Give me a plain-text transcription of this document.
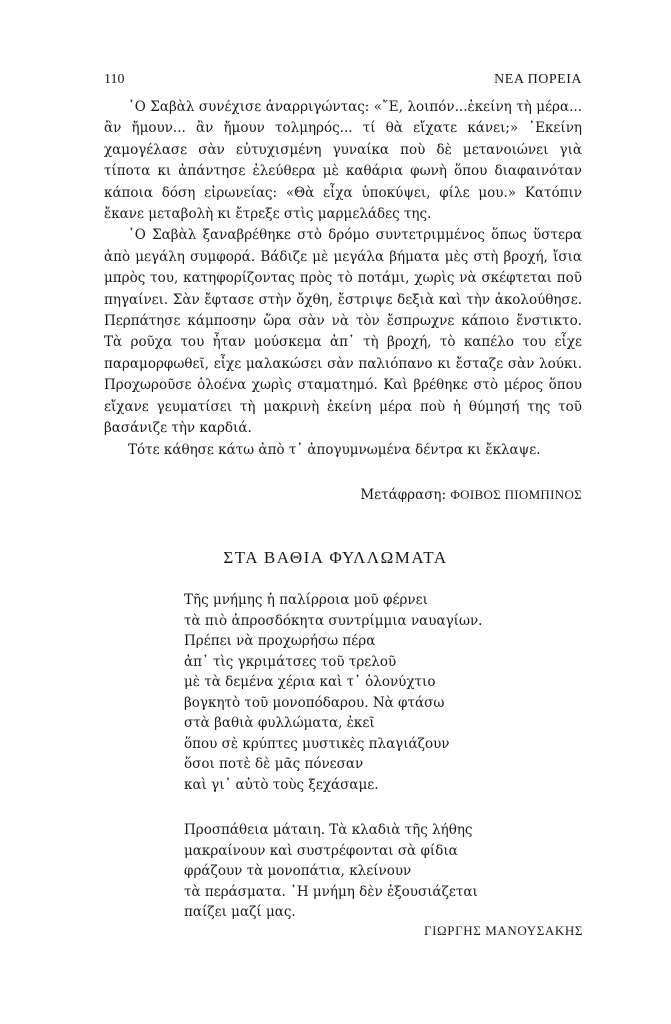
110	ΝΕΑ ΠΟΡΕΙΑ

῾Ο Σαβὰλ συνέχισε ἀναρριγώντας: «῎Ε, λοιπόν...ἐκείνη τὴ μέρα... ἂν ἤμουν... ἂν ἤμουν τολμηρός... τί θὰ εἴχατε κάνει;» ᾿Εκείνη χαμογέλασε σὰν εὐτυχισμένη γυναίκα ποὺ δὲ μετανοιώνει γιὰ τίποτα κι ἀπάντησε ἐλεύθερα μὲ καθάρια φωνὴ ὅπου διαφαινόταν κάποια δόση εἰρωνείας: «Θὰ εἶχα ὑποκύψει, φίλε μου.» Κατόπιν ἔκανε μεταβολὴ κι ἔτρεξε στὶς μαρμελάδες της.

῾Ο Σαβὰλ ξαναβρέθηκε στὸ δρόμο συντετριμμένος ὅπως ὕστερα ἀπὸ μεγάλη συμφορά. Βάδιζε μὲ μεγάλα βήματα μὲς στὴ βροχή, ἴσια μπρὸς του, κατηφορίζοντας πρὸς τὸ ποτάμι, χωρὶς νὰ σκέφτεται ποῦ πηγαίνει. Σὰν ἔφτασε στὴν ὄχθη, ἔστριψε δεξιὰ καὶ τὴν ἀκολούθησε. Περπάτησε κάμποσην ὥρα σὰν νὰ τὸν ἔσπρωχνε κάποιο ἔνστικτο. Τὰ ροῦχα του ἦταν μούσκεμα ἀπ᾿ τὴ βροχή, τὸ καπέλο του εἶχε παραμορφωθεῖ, εἶχε μαλακώσει σὰν παλιόπανο κι ἔσταζε σὰν λούκι. Προχωροῦσε ὁλοένα χωρὶς σταματημό. Καὶ βρέθηκε στὸ μέρος ὅπου εἴχανε γευματίσει τὴ μακρινὴ ἐκείνη μέρα ποὺ ἡ θύμησή της τοῦ βασάνιζε τὴν καρδιά.

Τότε κάθησε κάτω ἀπὸ τ᾿ ἀπογυμνωμένα δέντρα κι ἔκλαψε.

Μετάφραση: ΦΟΙΒΟΣ ΠΙΟΜΠΙΝΟΣ
ΣΤΑ ΒΑΘΙΑ ΦΥΛΛΩΜΑΤΑ
Τῆς μνήμης ἡ παλίρροια μοῦ φέρνει
τὰ πιὸ ἀπροσδόκητα συντρίμμια ναυαγίων.
Πρέπει νὰ προχωρήσω πέρα
ἀπ᾿ τὶς γκριμάτσες τοῦ τρελοῦ
μὲ τὰ δεμένα χέρια καὶ τ᾿ ὀλονύχτιο
βογκητὸ τοῦ μονοπόδαρου. Νὰ φτάσω
στὰ βαθιὰ φυλλώματα, ἐκεῖ
ὅπου σὲ κρύπτες μυστικὲς πλαγιάζουν
ὅσοι ποτὲ δὲ μᾶς πόνεσαν
καὶ γι᾿ αὐτὸ τοὺς ξεχάσαμε.
Προσπάθεια μάταιη. Τὰ κλαδιὰ τῆς λήθης
μακραίνουν καὶ συστρέφονται σὰ φίδια
φράζουν τὰ μονοπάτια, κλείνουν
τὰ περάσματα. ῾Η μνήμη δὲν ἐξουσιάζεται
παίζει μαζί μας.
ΓΙΩΡΓΗΣ ΜΑΝΟΥΣΑΚΗΣ
